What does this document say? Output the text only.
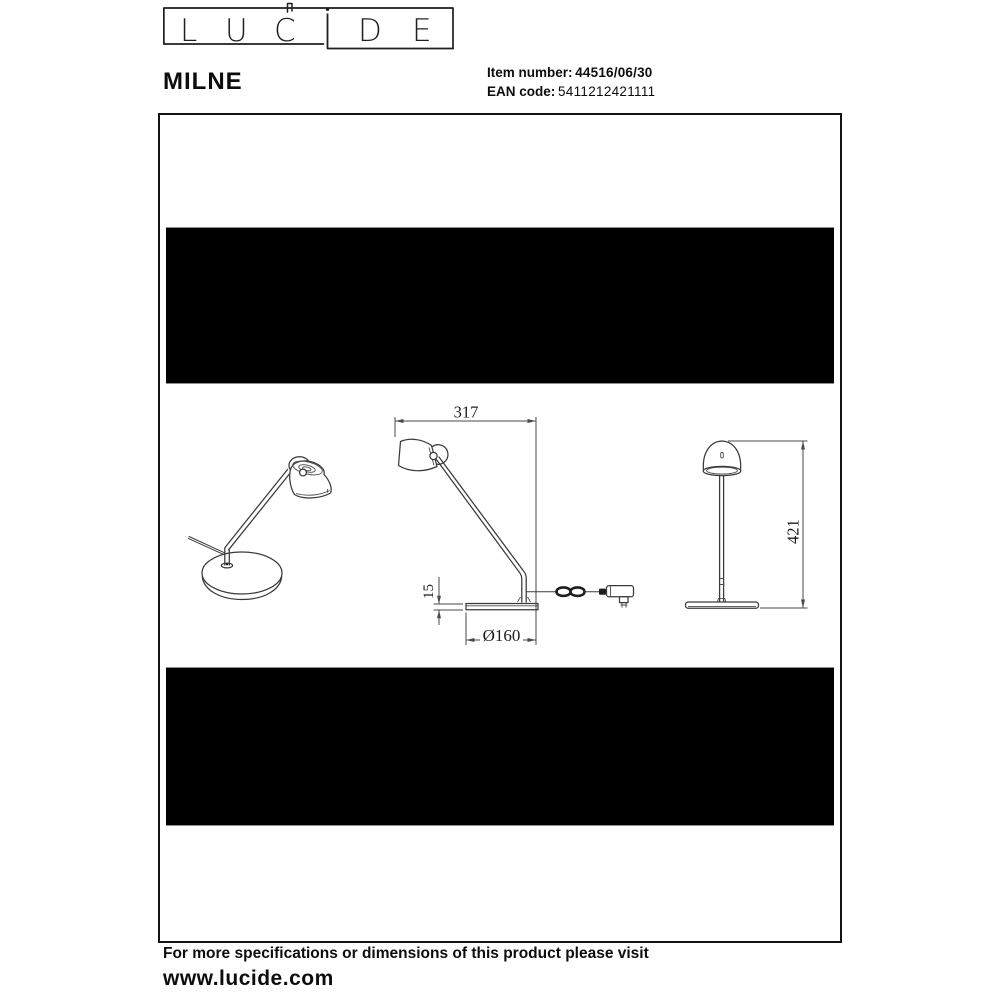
L U C D E
MILNE	Item number:  44516/06/30
EAN code:  5411212421111
317
15
Ø160
421
For more specifications or dimensions of this product please visit
www.lucide.com
